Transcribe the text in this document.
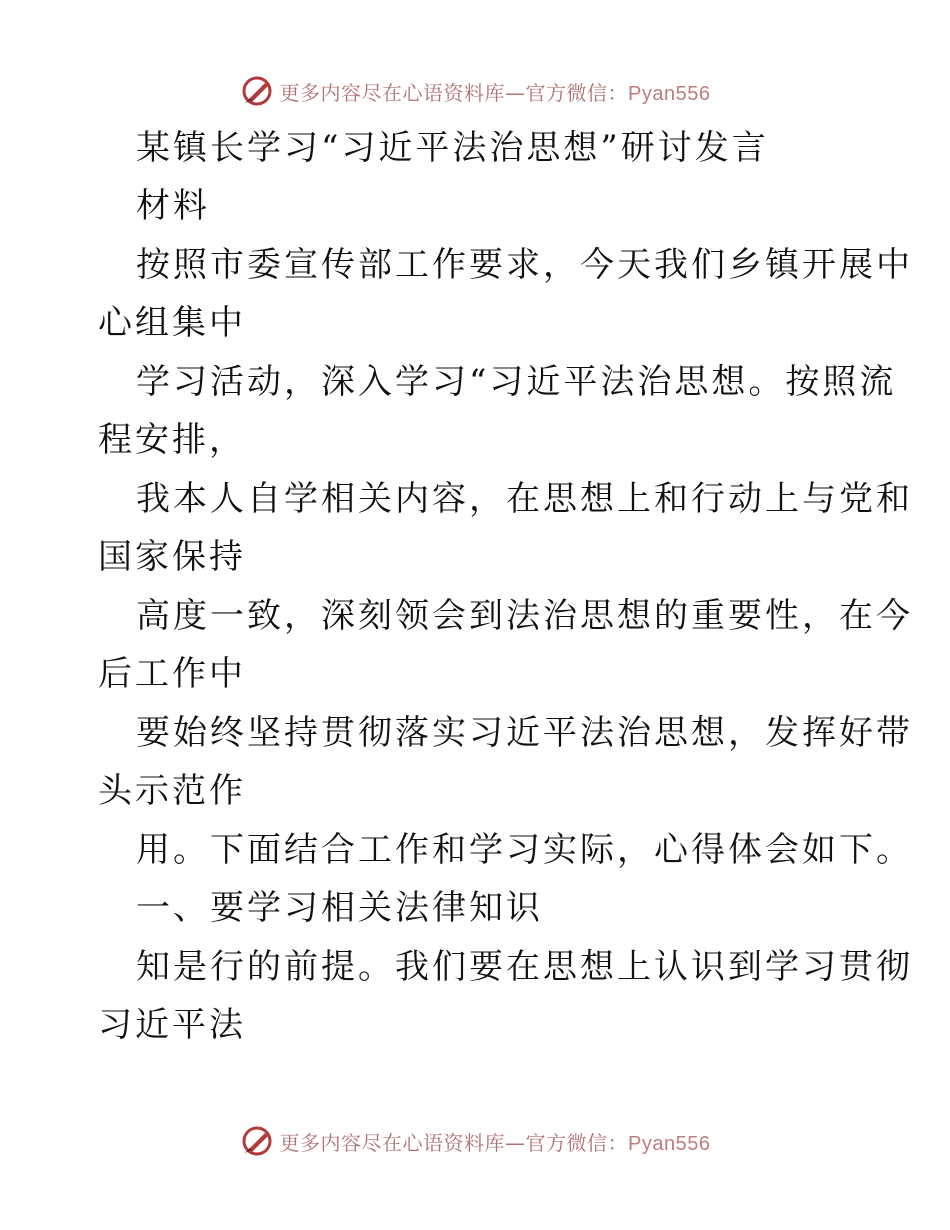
更多内容尽在心语资料库—官方微信：Pyan556
某镇长学习“习近平法治思想”研讨发言
材料
按照市委宣传部工作要求，今天我们乡镇开展中
心组集中
学习活动，深入学习“习近平法治思想。按照流
程安排，
我本人自学相关内容，在思想上和行动上与党和
国家保持
高度一致，深刻领会到法治思想的重要性，在今
后工作中
要始终坚持贯彻落实习近平法治思想，发挥好带
头示范作
用。下面结合工作和学习实际，心得体会如下。
一、要学习相关法律知识
知是行的前提。我们要在思想上认识到学习贯彻
习近平法
更多内容尽在心语资料库—官方微信：Pyan556
